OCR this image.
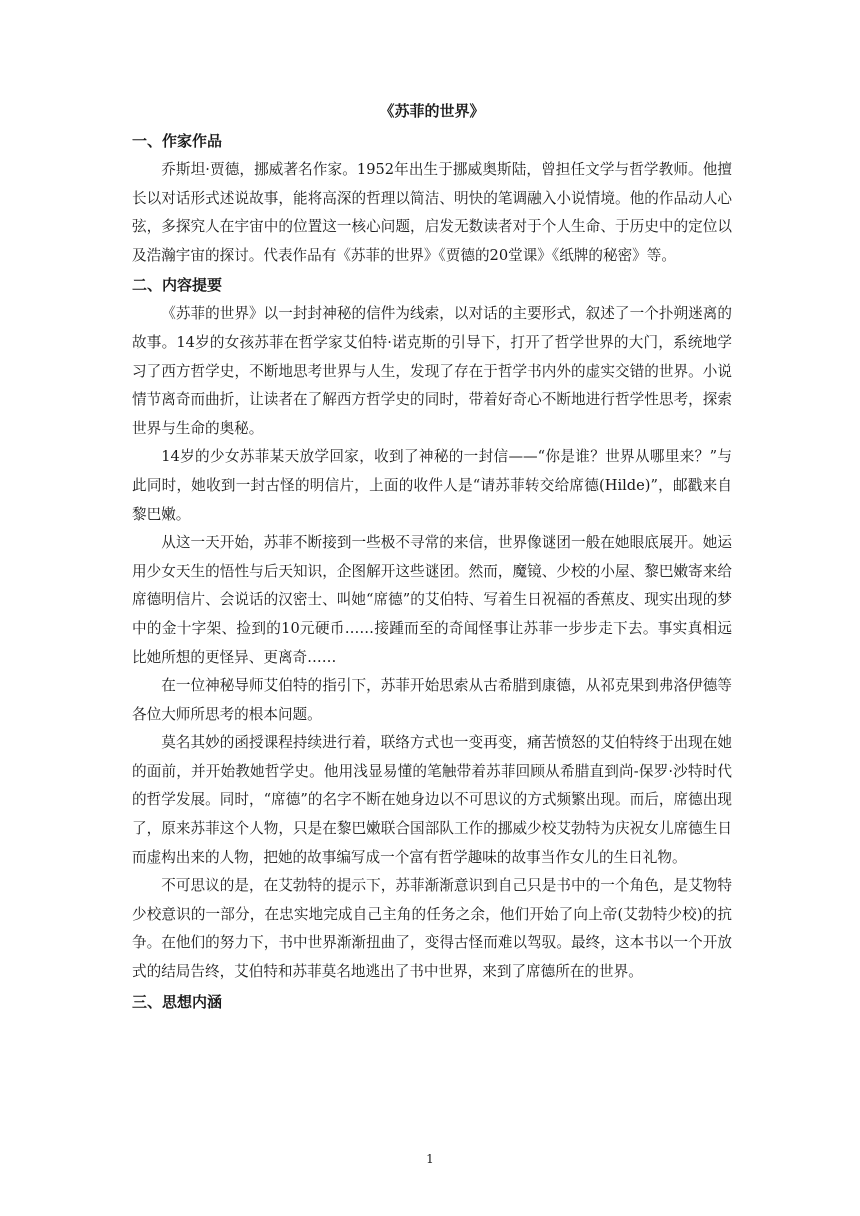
《苏菲的世界》
一、作家作品

乔斯坦·贾德，挪威著名作家。1952年出生于挪威奥斯陆，曾担任文学与哲学教师。他擅长以对话形式述说故事，能将高深的哲理以简洁、明快的笔调融入小说情境。他的作品动人心弦，多探究人在宇宙中的位置这一核心问题，启发无数读者对于个人生命、于历史中的定位以及浩瀚宇宙的探讨。代表作品有《苏菲的世界》《贾德的20堂课》《纸牌的秘密》等。

二、内容提要

《苏菲的世界》以一封封神秘的信件为线索，以对话的主要形式，叙述了一个扑朔迷离的故事。14岁的女孩苏菲在哲学家艾伯特·诺克斯的引导下，打开了哲学世界的大门，系统地学习了西方哲学史，不断地思考世界与人生，发现了存在于哲学书内外的虚实交错的世界。小说情节离奇而曲折，让读者在了解西方哲学史的同时，带着好奇心不断地进行哲学性思考，探索世界与生命的奥秘。

14岁的少女苏菲某天放学回家，收到了神秘的一封信——“你是谁？世界从哪里来？”与此同时，她收到一封古怪的明信片，上面的收件人是“请苏菲转交给席德(Hilde)”，邮戳来自黎巴嫩。

从这一天开始，苏菲不断接到一些极不寻常的来信，世界像谜团一般在她眼底展开。她运用少女天生的悟性与后天知识，企图解开这些谜团。然而，魔镜、少校的小屋、黎巴嫩寄来给席德明信片、会说话的汉密士、叫她“席德”的艾伯特、写着生日祝福的香蕉皮、现实出现的梦中的金十字架、捡到的10元硬币……接踵而至的奇闻怪事让苏菲一步步走下去。事实真相远比她所想的更怪异、更离奇……

在一位神秘导师艾伯特的指引下，苏菲开始思索从古希腊到康德，从祁克果到弗洛伊德等各位大师所思考的根本问题。

莫名其妙的函授课程持续进行着，联络方式也一变再变，痛苦愤怒的艾伯特终于出现在她的面前，并开始教她哲学史。他用浅显易懂的笔触带着苏菲回顾从希腊直到尚-保罗·沙特时代的哲学发展。同时，“席德”的名字不断在她身边以不可思议的方式频繁出现。而后，席德出现了，原来苏菲这个人物，只是在黎巴嫩联合国部队工作的挪威少校艾勃特为庆祝女儿席德生日而虚构出来的人物，把她的故事编写成一个富有哲学趣味的故事当作女儿的生日礼物。

不可思议的是，在艾勃特的提示下，苏菲渐渐意识到自己只是书中的一个角色，是艾物特少校意识的一部分，在忠实地完成自己主角的任务之余，他们开始了向上帝(艾勃特少校)的抗争。在他们的努力下，书中世界渐渐扭曲了，变得古怪而难以驾驭。最终，这本书以一个开放式的结局告终，艾伯特和苏菲莫名地逃出了书中世界，来到了席德所在的世界。

三、思想内涵
1
